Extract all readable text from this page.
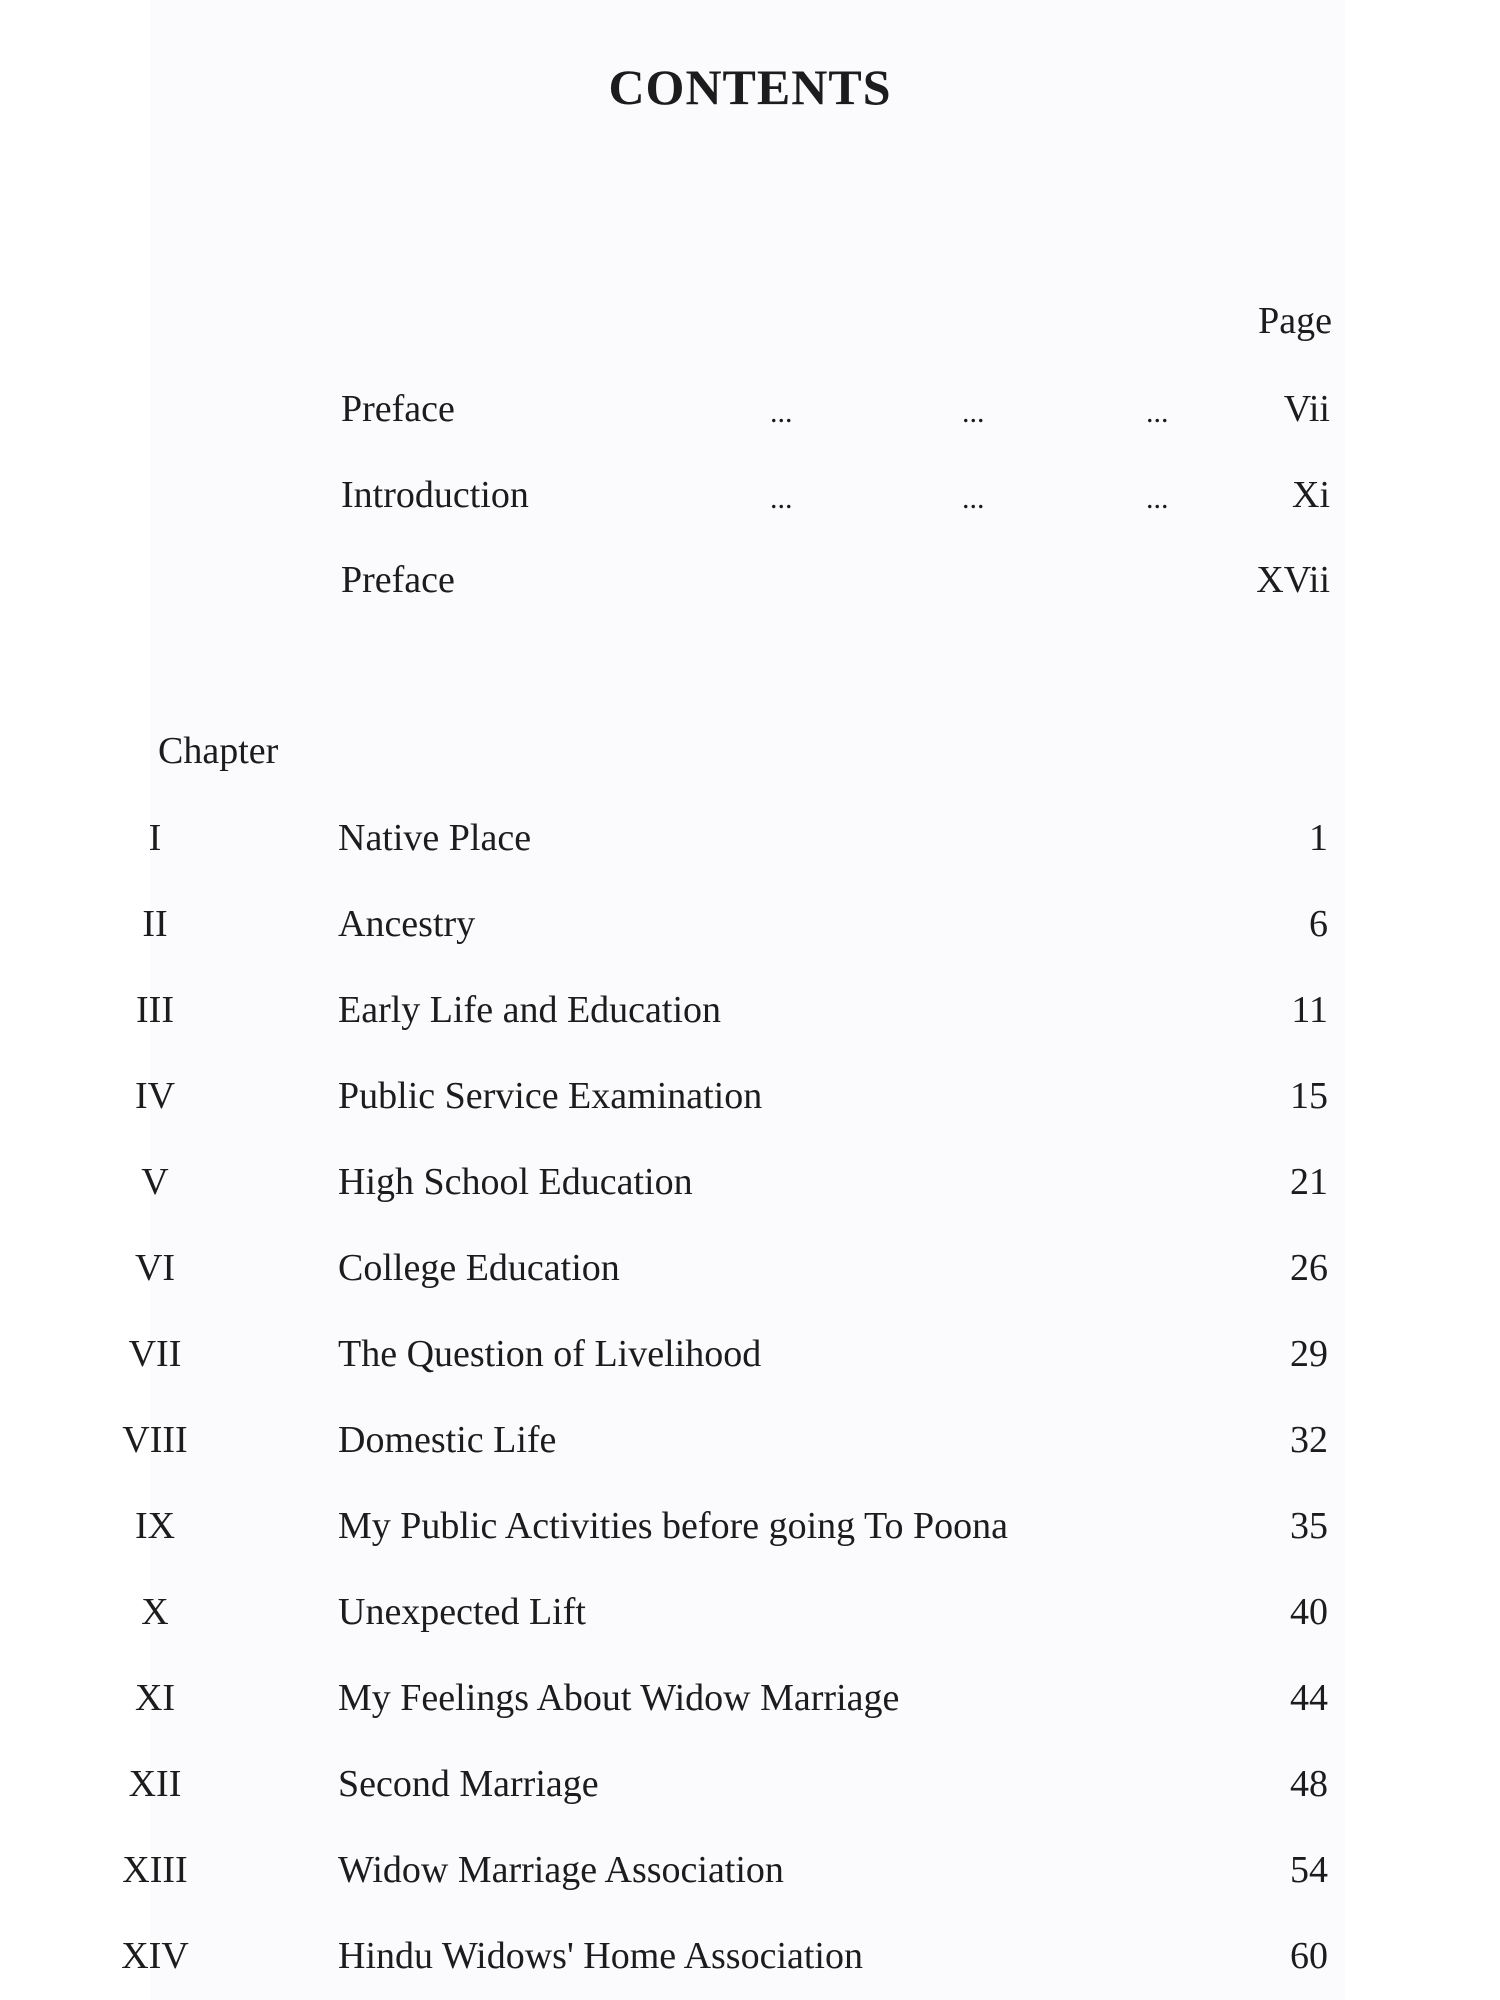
CONTENTS
Page
Preface	...	...	...	Vii
Introduction	...	...	...	Xi
Preface	XVii
Chapter
I	Native Place	1
II	Ancestry	6
III	Early Life and Education	11
IV	Public Service Examination	15
V	High School Education	21
VI	College Education	26
VII	The Question of Livelihood	29
VIII	Domestic Life	32
IX	My Public Activities before going To Poona	35
X	Unexpected Lift	40
XI	My Feelings About Widow Marriage	44
XII	Second Marriage	48
XIII	Widow Marriage Association	54
XIV	Hindu Widows' Home Association	60
